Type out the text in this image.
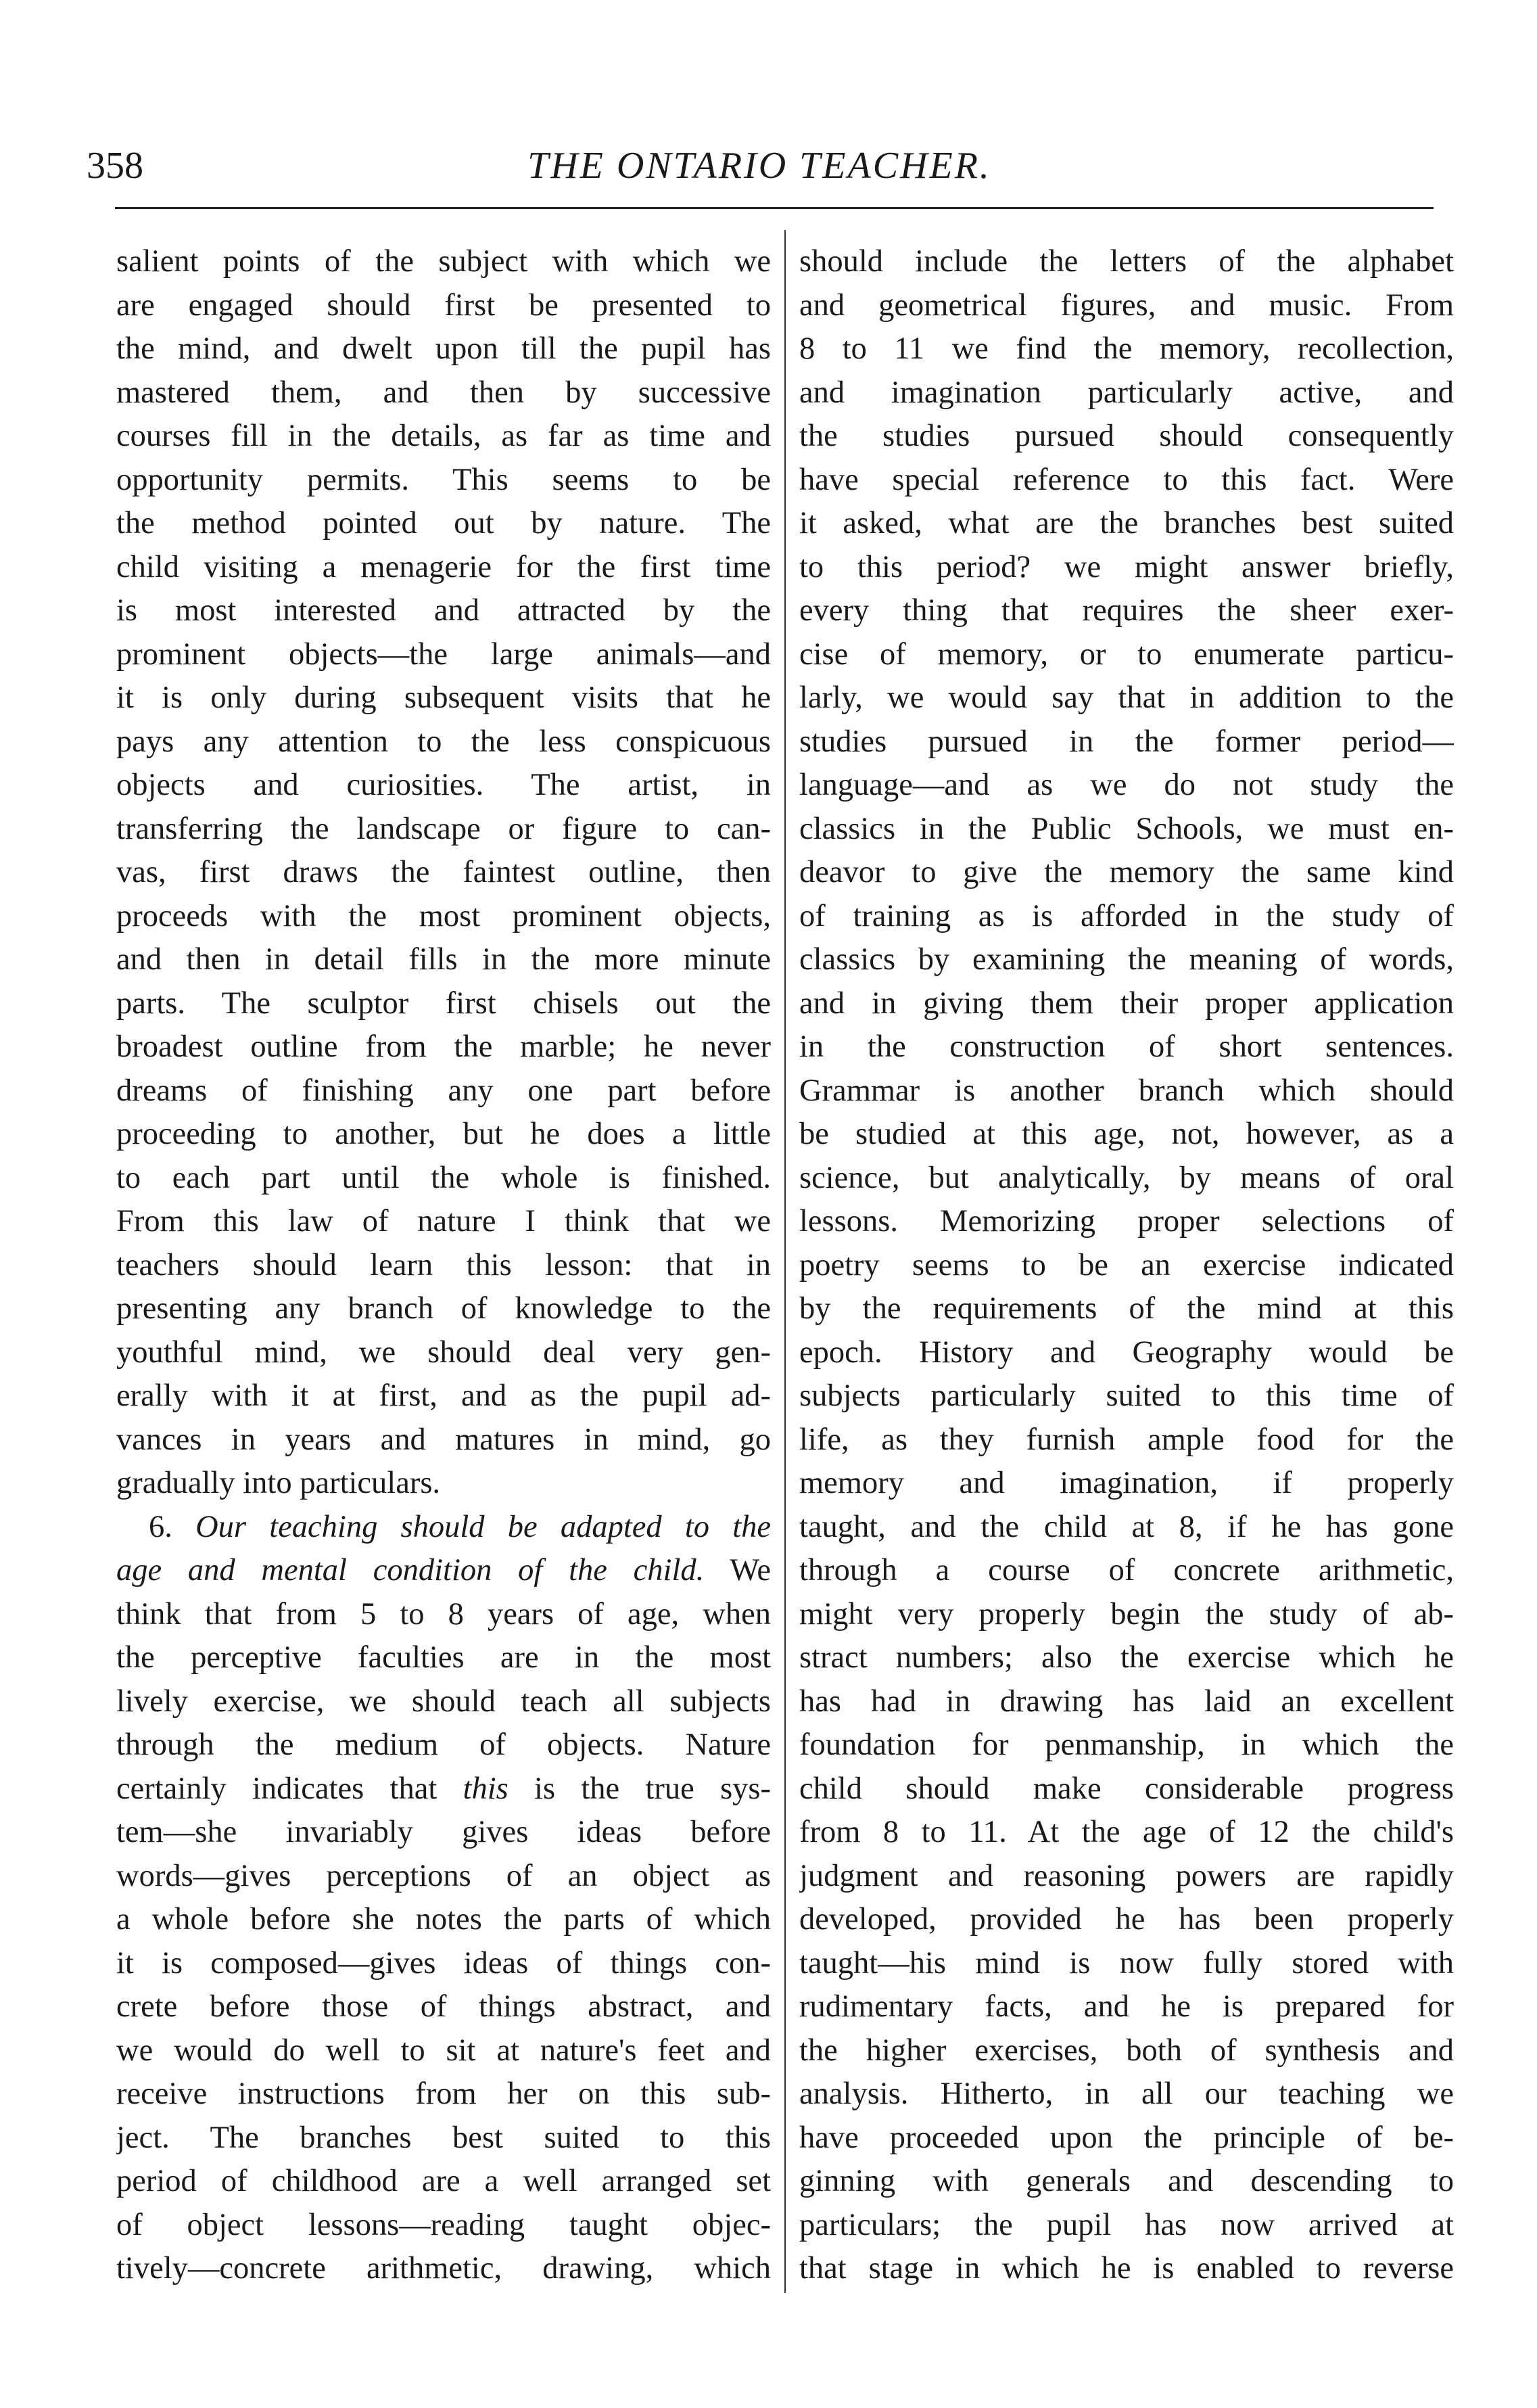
358	THE ONTARIO TEACHER.
salient points of the subject with which we
are engaged should first be presented to
the mind, and dwelt upon till the pupil has
mastered them, and then by successive
courses fill in the details, as far as time and
opportunity permits. This seems to be
the method pointed out by nature. The
child visiting a menagerie for the first time
is most interested and attracted by the
prominent objects—the large animals—and
it is only during subsequent visits that he
pays any attention to the less conspicuous
objects and curiosities. The artist, in
transferring the landscape or figure to can-
vas, first draws the faintest outline, then
proceeds with the most prominent objects,
and then in detail fills in the more minute
parts. The sculptor first chisels out the
broadest outline from the marble; he never
dreams of finishing any one part before
proceeding to another, but he does a little
to each part until the whole is finished.
From this law of nature I think that we
teachers should learn this lesson: that in
presenting any branch of knowledge to the
youthful mind, we should deal very gen-
erally with it at first, and as the pupil ad-
vances in years and matures in mind, go
gradually into particulars.
6. Our teaching should be adapted to the
age and mental condition of the child. We
think that from 5 to 8 years of age, when
the perceptive faculties are in the most
lively exercise, we should teach all subjects
through the medium of objects. Nature
certainly indicates that this is the true sys-
tem—she invariably gives ideas before
words—gives perceptions of an object as
a whole before she notes the parts of which
it is composed—gives ideas of things con-
crete before those of things abstract, and
we would do well to sit at nature's feet and
receive instructions from her on this sub-
ject. The branches best suited to this
period of childhood are a well arranged set
of object lessons—reading taught objec-
tively—concrete arithmetic, drawing, which
should include the letters of the alphabet
and geometrical figures, and music. From
8 to 11 we find the memory, recollection,
and imagination particularly active, and
the studies pursued should consequently
have special reference to this fact. Were
it asked, what are the branches best suited
to this period? we might answer briefly,
every thing that requires the sheer exer-
cise of memory, or to enumerate particu-
larly, we would say that in addition to the
studies pursued in the former period—
language—and as we do not study the
classics in the Public Schools, we must en-
deavor to give the memory the same kind
of training as is afforded in the study of
classics by examining the meaning of words,
and in giving them their proper application
in the construction of short sentences.
Grammar is another branch which should
be studied at this age, not, however, as a
science, but analytically, by means of oral
lessons. Memorizing proper selections of
poetry seems to be an exercise indicated
by the requirements of the mind at this
epoch. History and Geography would be
subjects particularly suited to this time of
life, as they furnish ample food for the
memory and imagination, if properly
taught, and the child at 8, if he has gone
through a course of concrete arithmetic,
might very properly begin the study of ab-
stract numbers; also the exercise which he
has had in drawing has laid an excellent
foundation for penmanship, in which the
child should make considerable progress
from 8 to 11. At the age of 12 the child's
judgment and reasoning powers are rapidly
developed, provided he has been properly
taught—his mind is now fully stored with
rudimentary facts, and he is prepared for
the higher exercises, both of synthesis and
analysis. Hitherto, in all our teaching we
have proceeded upon the principle of be-
ginning with generals and descending to
particulars; the pupil has now arrived at
that stage in which he is enabled to reverse
